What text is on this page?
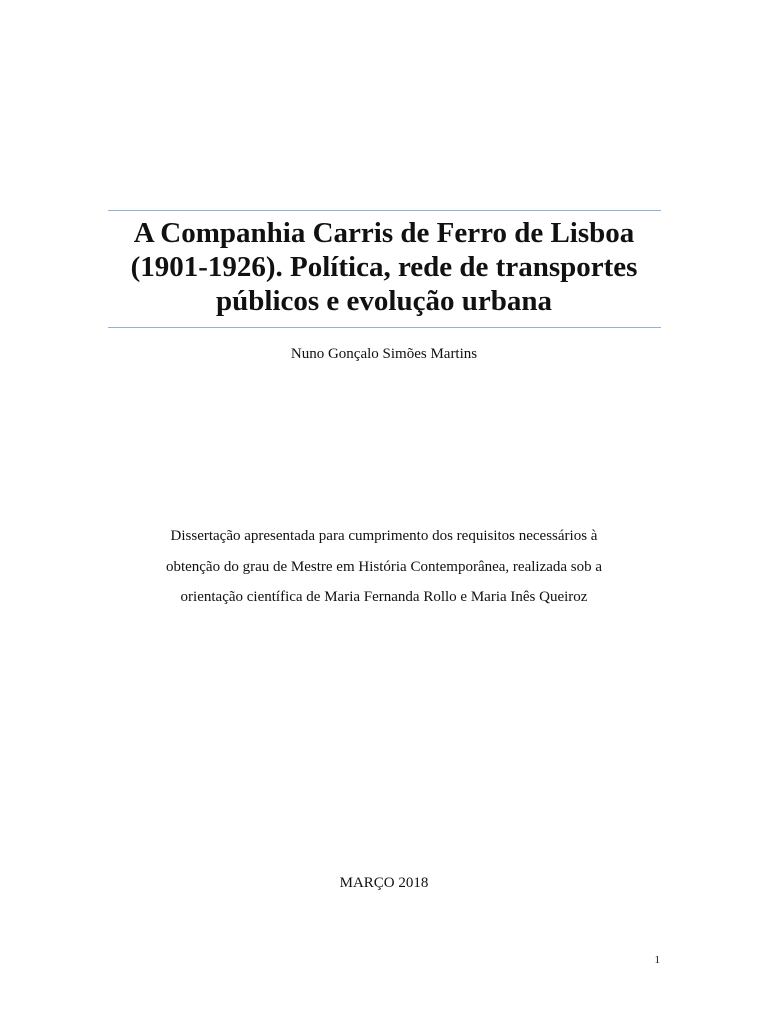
A Companhia Carris de Ferro de Lisboa
(1901-1926). Política, rede de transportes
públicos e evolução urbana
Nuno Gonçalo Simões Martins
Dissertação apresentada para cumprimento dos requisitos necessários à
obtenção do grau de Mestre em História Contemporânea, realizada sob a
orientação científica de Maria Fernanda Rollo e Maria Inês Queiroz
MARÇO 2018
1
